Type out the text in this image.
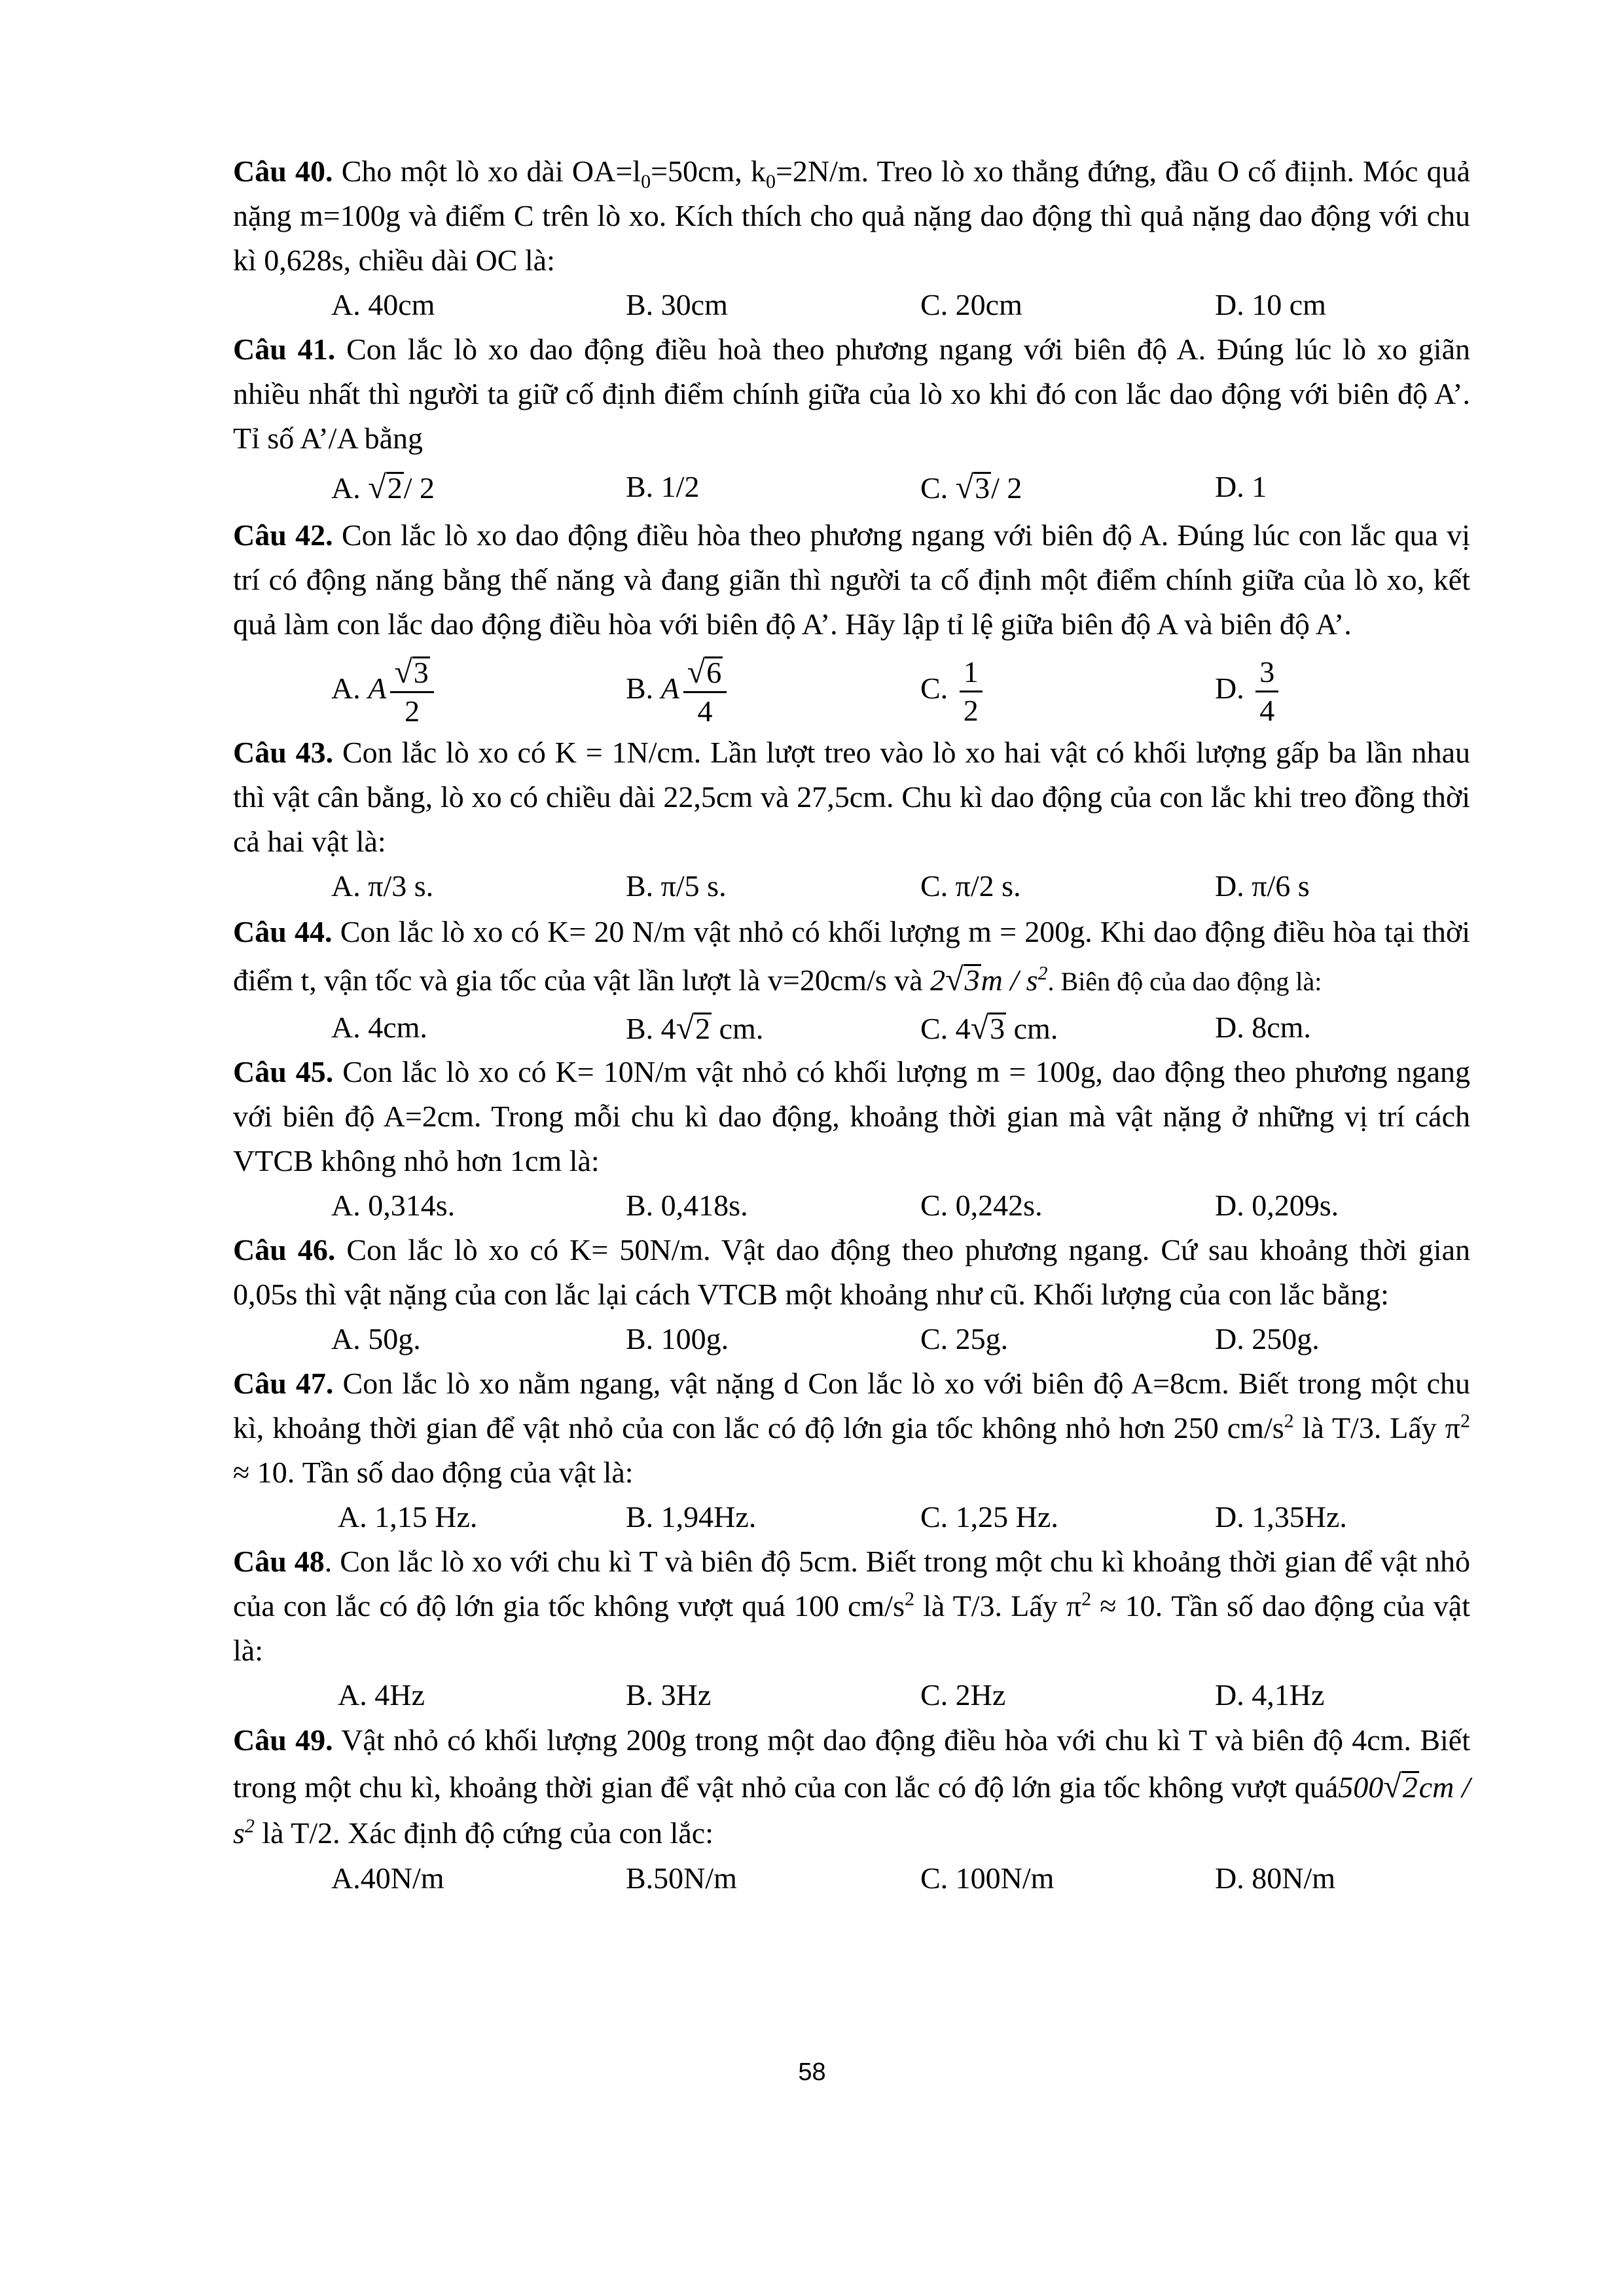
Câu 40. Cho một lò xo dài $OA=l_0=50cm$, $k_0=2N/m$. Treo lò xo thẳng đứng, đầu O cố điịnh. Móc quả nặng m=100g và điểm C trên lò xo. Kích thích cho quả nặng dao động thì quả nặng dao động với chu kì 0,628s, chiều dài OC là:
A. 40cm	B. 30cm	C. 20cm	D. 10 cm
Câu 41. Con lắc lò xo dao động điều hoà theo phương ngang với biên độ A. Đúng lúc lò xo giãn nhiều nhất thì người ta giữ cố định điểm chính giữa của lò xo khi đó con lắc dao động với biên độ A’. Tỉ số A’/A bằng
A. √2/ 2	B. 1/2	C. √3/ 2	D. 1
Câu 42. Con lắc lò xo dao động điều hòa theo phương ngang với biên độ A. Đúng lúc con lắc qua vị trí có động năng bằng thế năng và đang giãn thì người ta cố định một điểm chính giữa của lò xo, kết quả làm con lắc dao động điều hòa với biên độ A’. Hãy lập tỉ lệ giữa biên độ A và biên độ A’.
A. A $\frac{√3}{2}$	B. A $\frac{√6}{4}$	C. $\frac{1}{2}$	D. $\frac{3}{4}$
Câu 43. Con lắc lò xo có K = 1N/cm. Lần lượt treo vào lò xo hai vật có khối lượng gấp ba lần nhau thì vật cân bằng, lò xo có chiều dài 22,5cm và 27,5cm. Chu kì dao động của con lắc khi treo đồng thời cả hai vật là:
A. π/3 s.	B. π/5 s.	C. π/2 s.	D. π/6 s
Câu 44. Con lắc lò xo có K= 20 N/m vật nhỏ có khối lượng m = 200g. Khi dao động điều hòa tại thời điểm t, vận tốc và gia tốc của vật lần lượt là v=20cm/s và $2√3m / s^2$. Biên độ của dao động là:
A. 4cm.	B. 4√2 cm.	C. 4√3 cm.	D. 8cm.
Câu 45. Con lắc lò xo có K= 10N/m vật nhỏ có khối lượng m = 100g, dao động theo phương ngang với biên độ A=2cm. Trong mỗi chu kì dao động, khoảng thời gian mà vật nặng ở những vị trí cách VTCB không nhỏ hơn 1cm là:
A. 0,314s.	B. 0,418s.	C. 0,242s.	D. 0,209s.
Câu 46. Con lắc lò xo có K= 50N/m. Vật dao động theo phương ngang. Cứ sau khoảng thời gian 0,05s thì vật nặng của con lắc lại cách VTCB một khoảng như cũ. Khối lượng của con lắc bằng:
A. 50g.	B. 100g.	C. 25g.	D. 250g.
Câu 47. Con lắc lò xo nằm ngang, vật nặng d Con lắc lò xo với biên độ A=8cm. Biết trong một chu kì, khoảng thời gian để vật nhỏ của con lắc có độ lớn gia tốc không nhỏ hơn 250 $cm/s^2$ là T/3. Lấy $\pi^2 \approx 10$. Tần số dao động của vật là:
A. 1,15 Hz.	B. 1,94Hz.	C. 1,25 Hz.	D. 1,35Hz.
Câu 48. Con lắc lò xo với chu kì T và biên độ 5cm. Biết trong một chu kì khoảng thời gian để vật nhỏ của con lắc có độ lớn gia tốc không vượt quá 100 $cm/s^2$ là T/3. Lấy $\pi^2 \approx 10$. Tần số dao động của vật là:
A. 4Hz	B. 3Hz	C. 2Hz	D. 4,1Hz
Câu 49. Vật nhỏ có khối lượng 200g trong một dao động điều hòa với chu kì T và biên độ 4cm. Biết trong một chu kì, khoảng thời gian để vật nhỏ của con lắc có độ lớn gia tốc không vượt quá500√2cm / $s^2$ là T/2. Xác định độ cứng của con lắc:
A.40N/m	B.50N/m	C. 100N/m	D. 80N/m
58
